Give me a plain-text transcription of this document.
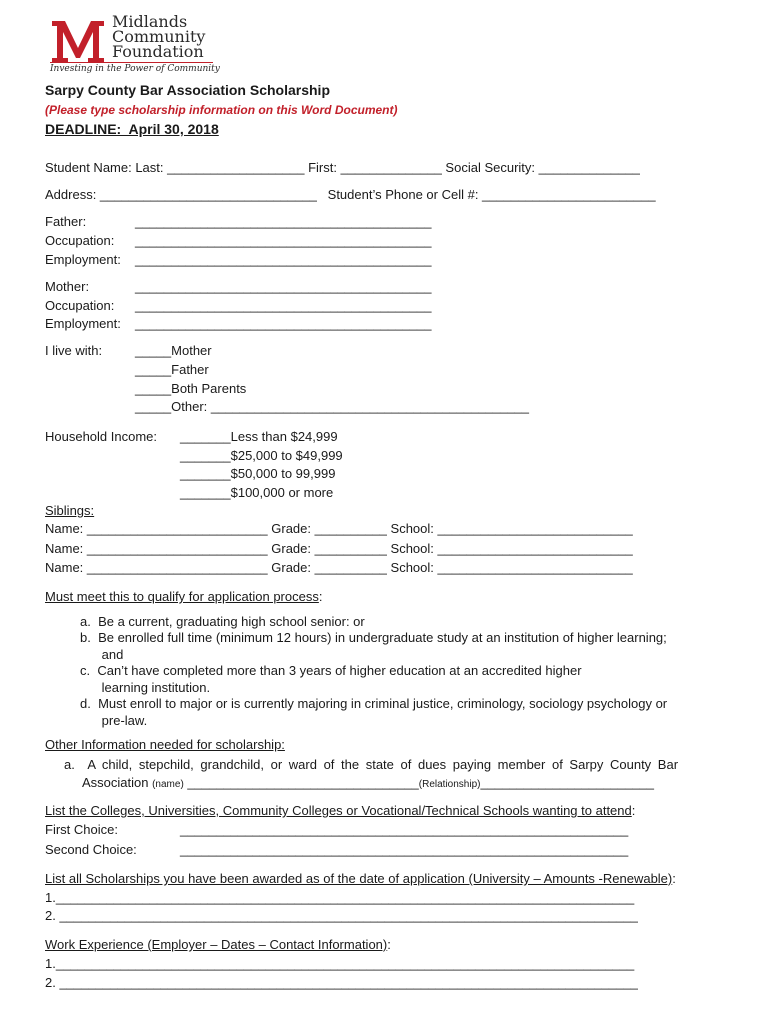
Midlands
Community
Foundation
Investing in the Power of Community
Sarpy County Bar Association Scholarship
(Please type scholarship information on this Word Document)
DEADLINE:  April 30, 2018
Student Name: Last: ___________________ First: ______________ Social Security: ______________
Address: ______________________________   Student’s Phone or Cell #: ________________________
Father:	_________________________________________
Occupation: _________________________________________
Employment: _________________________________________
Mother:	_________________________________________
Occupation: _________________________________________
Employment: _________________________________________
I live with:	_____Mother
_____Father
_____Both Parents
_____Other: ____________________________________________
Household Income: _______Less than $24,999
_______$25,000 to $49,999
_______$50,000 to 99,999
_______$100,000 or more
Siblings:
Name: _________________________ Grade: __________ School: ___________________________
Name: _________________________ Grade: __________ School: ___________________________
Name: _________________________ Grade: __________ School: ___________________________
Must meet this to qualify for application process:
a.  Be a current, graduating high school senior: or
b.  Be enrolled full time (minimum 12 hours) in undergraduate study at an institution of higher learning;
and
c.  Can’t have completed more than 3 years of higher education at an accredited higher
learning institution.
d.  Must enroll to major or is currently majoring in criminal justice, criminology, sociology psychology or
pre-law.
Other Information needed for scholarship:
a.  A child, stepchild, grandchild, or ward of the state of dues paying member of Sarpy County Bar
Association (name) ________________________________(Relationship)________________________
List the Colleges, Universities, Community Colleges or Vocational/Technical Schools wanting to attend:
First Choice:	______________________________________________________________
Second Choice:	______________________________________________________________
List all Scholarships you have been awarded as of the date of application (University – Amounts -Renewable):
1.________________________________________________________________________________
2. ________________________________________________________________________________
Work Experience (Employer – Dates – Contact Information):
1.________________________________________________________________________________
2. ________________________________________________________________________________
